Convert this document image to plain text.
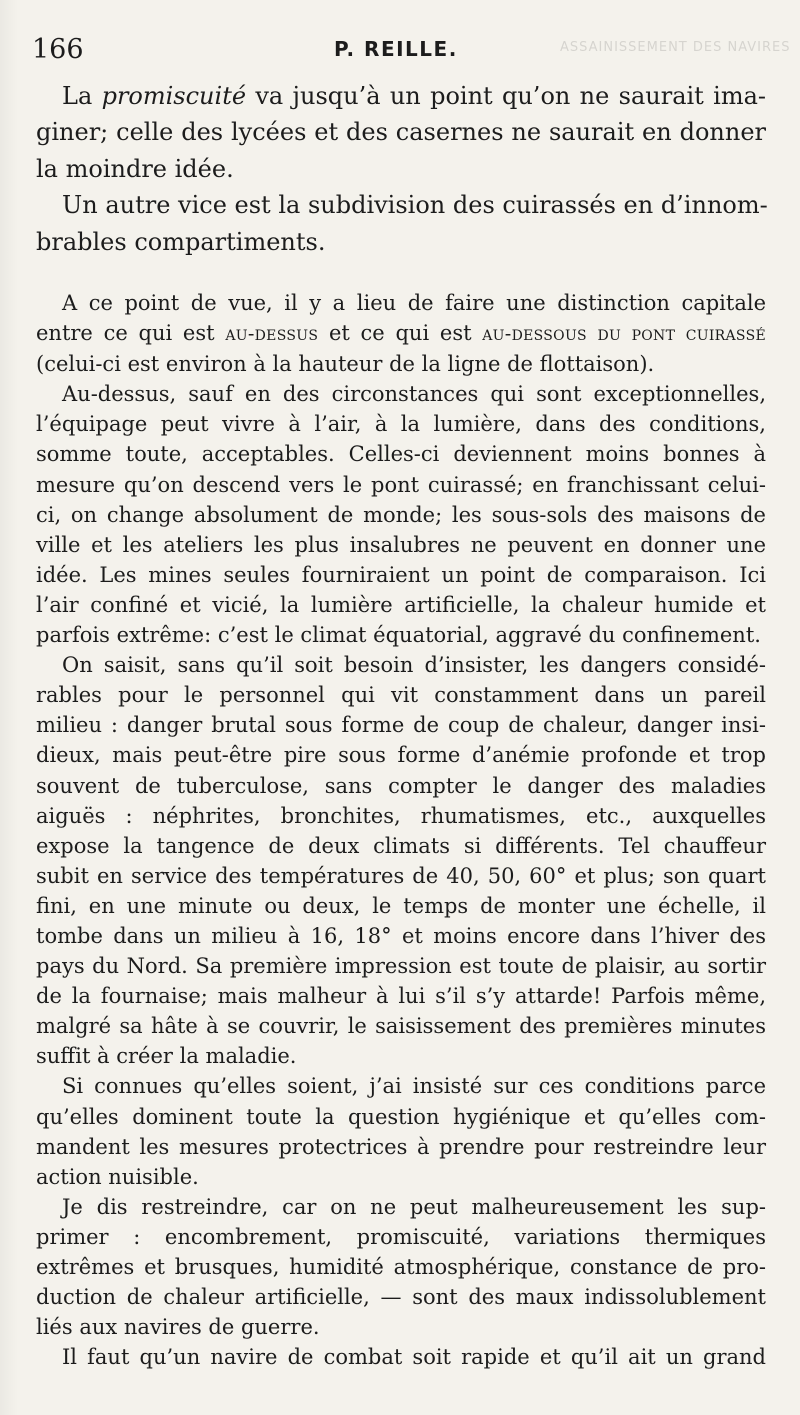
166	P. REILLE.	ASSAINISSEMENT DES NAVIRES

La promiscuité va jusqu’à un point qu’on ne saurait ima-
giner; celle des lycées et des casernes ne saurait en donner
la moindre idée.

Un autre vice est la subdivision des cuirassés en d’innom-
brables compartiments.

A ce point de vue, il y a lieu de faire une distinction capitale
entre ce qui est au-dessus et ce qui est au-dessous du pont cuirassé
(celui-ci est environ à la hauteur de la ligne de flottaison).

Au-dessus, sauf en des circonstances qui sont exceptionnelles,
l’équipage peut vivre à l’air, à la lumière, dans des conditions,
somme toute, acceptables. Celles-ci deviennent moins bonnes à
mesure qu’on descend vers le pont cuirassé; en franchissant celui-
ci, on change absolument de monde; les sous-sols des maisons de
ville et les ateliers les plus insalubres ne peuvent en donner une
idée. Les mines seules fourniraient un point de comparaison. Ici
l’air confiné et vicié, la lumière artificielle, la chaleur humide et
parfois extrême: c’est le climat équatorial, aggravé du confinement.

On saisit, sans qu’il soit besoin d’insister, les dangers considé-
rables pour le personnel qui vit constamment dans un pareil
milieu : danger brutal sous forme de coup de chaleur, danger insi-
dieux, mais peut-être pire sous forme d’anémie profonde et trop
souvent de tuberculose, sans compter le danger des maladies
aiguës : néphrites, bronchites, rhumatismes, etc., auxquelles
expose la tangence de deux climats si différents. Tel chauffeur
subit en service des températures de 40, 50, 60° et plus; son quart
fini, en une minute ou deux, le temps de monter une échelle, il
tombe dans un milieu à 16, 18° et moins encore dans l’hiver des
pays du Nord. Sa première impression est toute de plaisir, au sortir
de la fournaise; mais malheur à lui s’il s’y attarde! Parfois même,
malgré sa hâte à se couvrir, le saisissement des premières minutes
suffit à créer la maladie.

Si connues qu’elles soient, j’ai insisté sur ces conditions parce
qu’elles dominent toute la question hygiénique et qu’elles com-
mandent les mesures protectrices à prendre pour restreindre leur
action nuisible.

Je dis restreindre, car on ne peut malheureusement les sup-
primer : encombrement, promiscuité, variations thermiques
extrêmes et brusques, humidité atmosphérique, constance de pro-
duction de chaleur artificielle, — sont des maux indissolublement
liés aux navires de guerre.

Il faut qu’un navire de combat soit rapide et qu’il ait un grand
